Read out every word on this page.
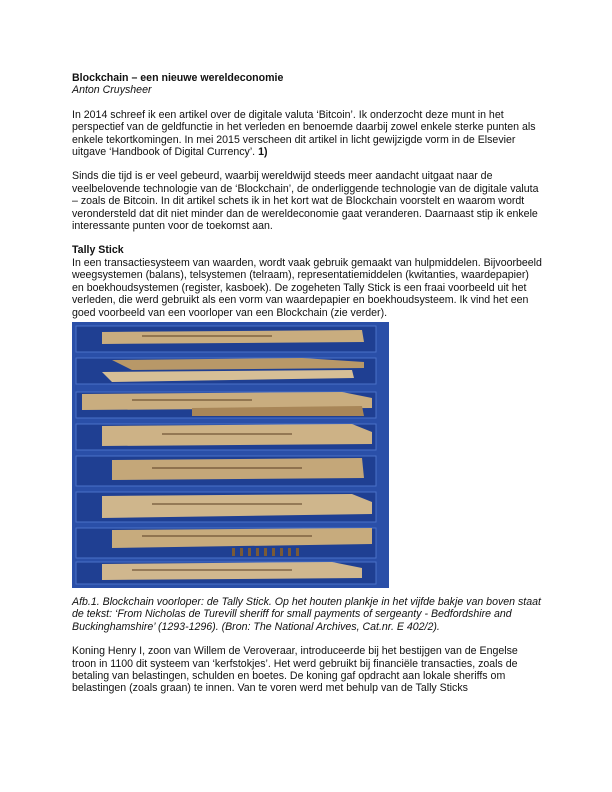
Blockchain – een nieuwe wereldeconomie
Anton Cruysheer

In 2014 schreef ik een artikel over de digitale valuta ‘Bitcoin’. Ik onderzocht deze munt in het perspectief van de geldfunctie in het verleden en benoemde daarbij zowel enkele sterke punten als enkele tekortkomingen. In mei 2015 verscheen dit artikel in licht gewijzigde vorm in de Elsevier uitgave ‘Handbook of Digital Currency’. 1)

Sinds die tijd is er veel gebeurd, waarbij wereldwijd steeds meer aandacht uitgaat naar de veelbelovende technologie van de ‘Blockchain’, de onderliggende technologie van de digitale valuta – zoals de Bitcoin. In dit artikel schets ik in het kort wat de Blockchain voorstelt en waarom wordt verondersteld dat dit niet minder dan de wereldeconomie gaat veranderen. Daarnaast stip ik enkele interessante punten voor de toekomst aan.

Tally Stick

In een transactiesysteem van waarden, wordt vaak gebruik gemaakt van hulpmiddelen. Bijvoorbeeld weegsystemen (balans), telsystemen (telraam), representatiemiddelen (kwitanties, waardepapier) en boekhoudsystemen (register, kasboek). De zogeheten Tally Stick is een fraai voorbeeld uit het verleden, die werd gebruikt als een vorm van waardepapier en boekhoudsysteem. Ik vind het een goed voorbeeld van een voorloper van een Blockchain (zie verder).

Afb.1. Blockchain voorloper: de Tally Stick. Op het houten plankje in het vijfde bakje van boven staat de tekst: ‘From Nicholas de Turevill sheriff for small payments of sergeanty - Bedfordshire and Buckinghamshire’ (1293-1296). (Bron: The National Archives, Cat.nr. E 402/2).

Koning Henry I, zoon van Willem de Veroveraar, introduceerde bij het bestijgen van de Engelse troon in 1100 dit systeem van ‘kerfstokjes’. Het werd gebruikt bij financiële transacties, zoals de betaling van belastingen, schulden en boetes. De koning gaf opdracht aan lokale sheriffs om belastingen (zoals graan) te innen. Van te voren werd met behulp van de Tally Sticks
